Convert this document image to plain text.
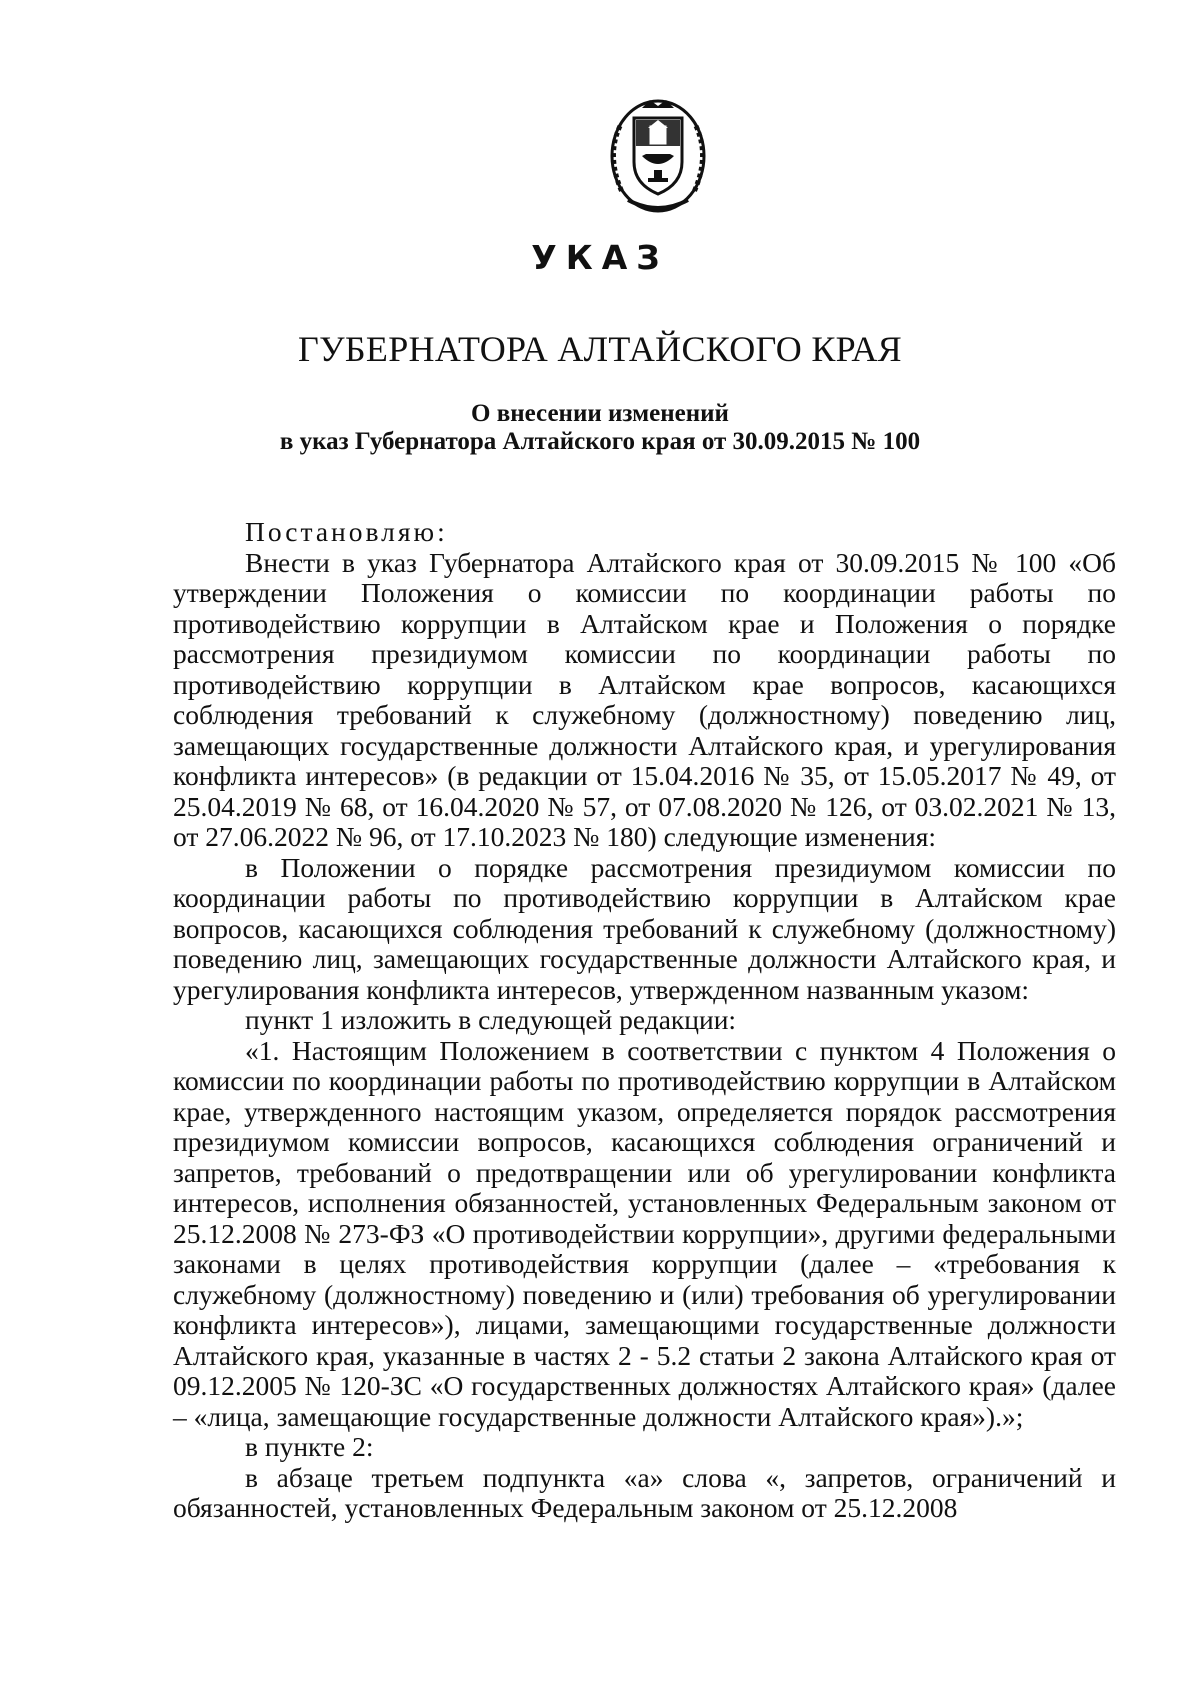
УКАЗ
ГУБЕРНАТОРА АЛТАЙСКОГО КРАЯ
О внесении изменений
в указ Губернатора Алтайского края от 30.09.2015 № 100

Постановляю:

Внести в указ Губернатора Алтайского края от 30.09.2015 № 100 «Об утверждении Положения о комиссии по координации работы по противодействию коррупции в Алтайском крае и Положения о порядке рассмотрения президиумом комиссии по координации работы по противодействию коррупции в Алтайском крае вопросов, касающихся соблюдения требований к служебному (должностному) поведению лиц, замещающих государственные должности Алтайского края, и урегулирования конфликта интересов» (в редакции от 15.04.2016 № 35, от 15.05.2017 № 49, от 25.04.2019 № 68, от 16.04.2020 № 57, от 07.08.2020 № 126, от 03.02.2021 № 13, от 27.06.2022 № 96, от 17.10.2023 № 180) следующие изменения:

в Положении о порядке рассмотрения президиумом комиссии по координации работы по противодействию коррупции в Алтайском крае вопросов, касающихся соблюдения требований к служебному (должностному) поведению лиц, замещающих государственные должности Алтайского края, и урегулирования конфликта интересов, утвержденном названным указом:

пункт 1 изложить в следующей редакции:

«1. Настоящим Положением в соответствии с пунктом 4 Положения о комиссии по координации работы по противодействию коррупции в Алтайском крае, утвержденного настоящим указом, определяется порядок рассмотрения президиумом комиссии вопросов, касающихся соблюдения ограничений и запретов, требований о предотвращении или об урегулировании конфликта интересов, исполнения обязанностей, установленных Федеральным законом от 25.12.2008 № 273-ФЗ «О противодействии коррупции», другими федеральными законами в целях противодействия коррупции (далее – «требования к служебному (должностному) поведению и (или) требования об урегулировании конфликта интересов»), лицами, замещающими государственные должности Алтайского края, указанные в частях 2 - 5.2 статьи 2 закона Алтайского края от 09.12.2005 № 120-ЗС «О государственных должностях Алтайского края» (далее – «лица, замещающие государственные должности Алтайского края»).»;

в пункте 2:

в абзаце третьем подпункта «а» слова «, запретов, ограничений и обязанностей, установленных Федеральным законом от 25.12.2008
